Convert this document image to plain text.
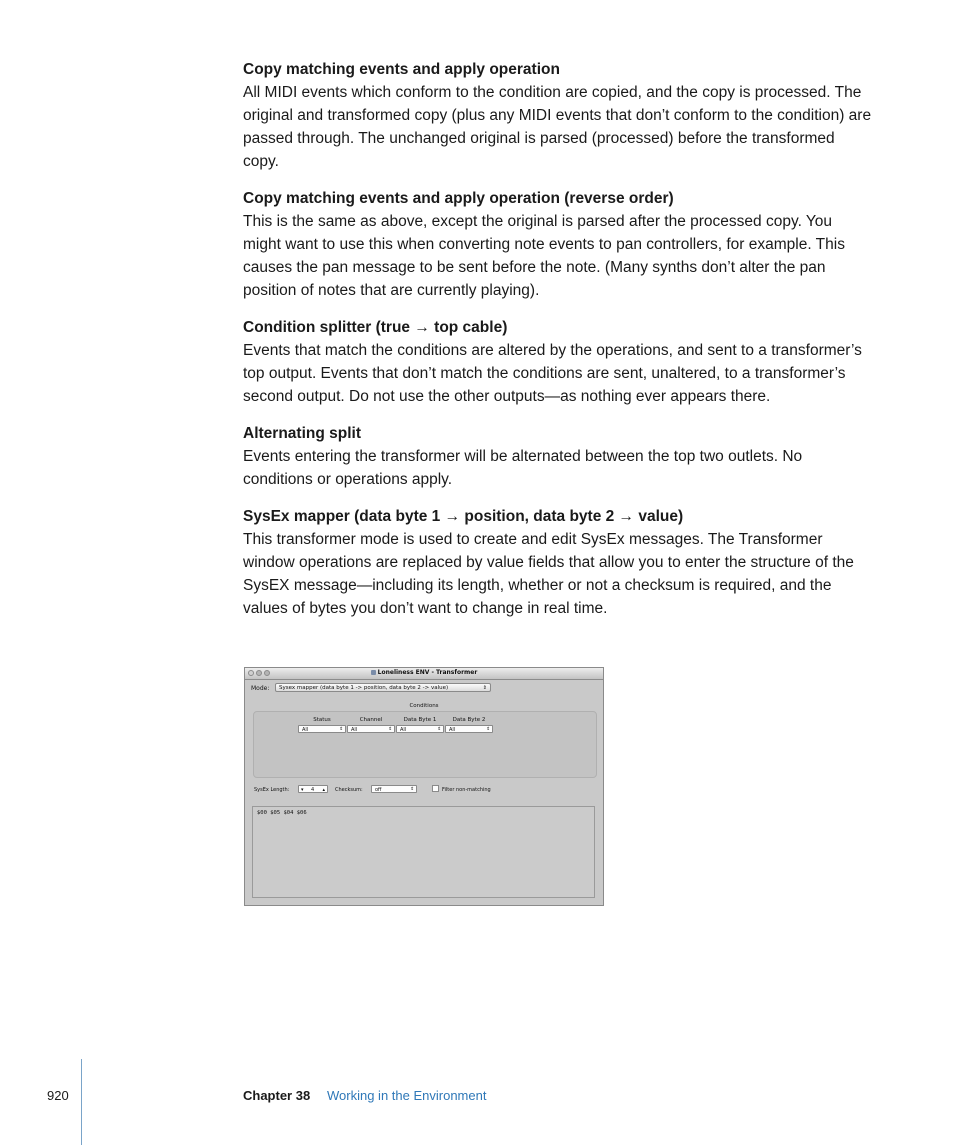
Copy matching events and apply operation

All MIDI events which conform to the condition are copied, and the copy is processed. The original and transformed copy (plus any MIDI events that don’t conform to the condition) are passed through. The unchanged original is parsed (processed) before the transformed copy.

Copy matching events and apply operation (reverse order)

This is the same as above, except the original is parsed after the processed copy. You might want to use this when converting note events to pan controllers, for example. This causes the pan message to be sent before the note. (Many synths don’t alter the pan position of notes that are currently playing).

Condition splitter (true → top cable)

Events that match the conditions are altered by the operations, and sent to a transformer’s top output. Events that don’t match the conditions are sent, unaltered, to a transformer’s second output. Do not use the other outputs—as nothing ever appears there.

Alternating split

Events entering the transformer will be alternated between the top two outlets. No conditions or operations apply.

SysEx mapper (data byte 1 → position, data byte 2 → value)

This transformer mode is used to create and edit SysEx messages. The Transformer window operations are replaced by value fields that allow you to enter the structure of the SysEX message—including its length, whether or not a checksum is required, and the values of bytes you don’t want to change in real time.

Loneliness ENV - Transformer
Mode:	Sysex mapper (data byte 1 -> position, data byte 2 -> value)	⇕
Conditions
Status
All	⇕
Channel
All	⇕
Data Byte 1
All	⇕
Data Byte 2
All	⇕
SysEx Length: ▾ 4 ▴ Checksum:	off	⇕	Filter non-matching
$00 $05 $04 $06
920	Chapter 38 Working in the Environment
